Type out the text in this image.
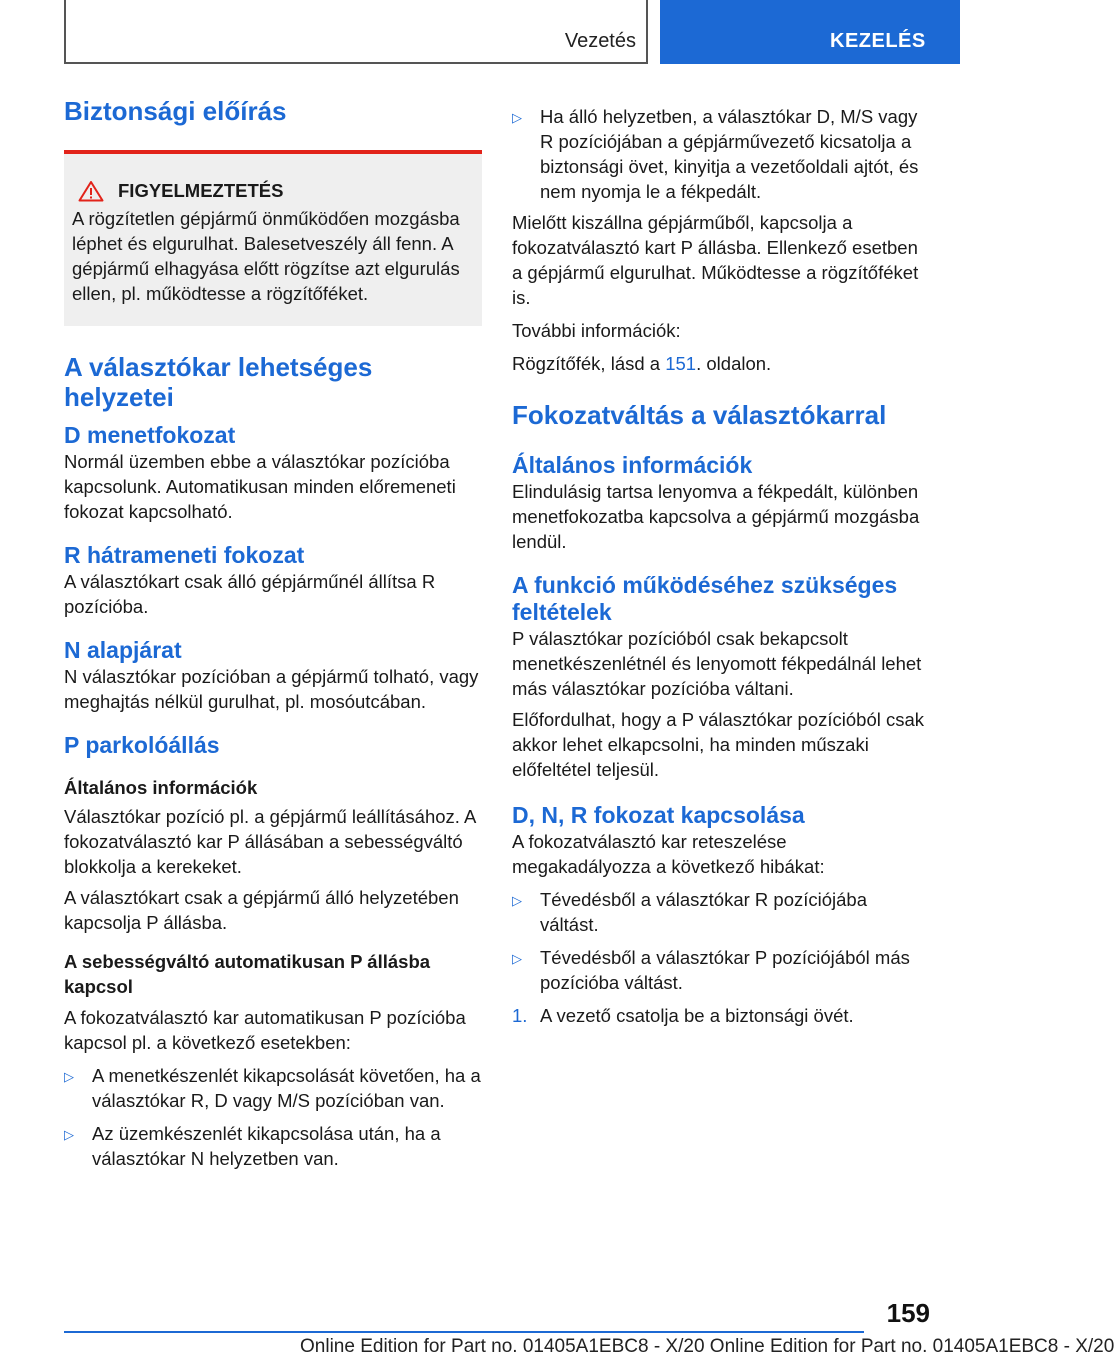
Vezetés	KEZELÉS
Biztonsági előírás
FIGYELMEZTETÉS

A rögzítetlen gépjármű önműködően mozgásba léphet és elgurulhat. Balesetveszély áll fenn. A gépjármű elhagyása előtt rögzítse azt elgurulás ellen, pl. működtesse a rögzítőféket.

A választókar lehetséges helyzetei
D menetfokozat

Normál üzemben ebbe a választókar pozícióba kapcsolunk. Automatikusan minden előremeneti fokozat kapcsolható.

R hátrameneti fokozat

A választókart csak álló gépjárműnél állítsa R pozícióba.

N alapjárat

N választókar pozícióban a gépjármű tolható, vagy meghajtás nélkül gurulhat, pl. mosóutcában.

P parkolóállás
Általános információk

Választókar pozíció pl. a gépjármű leállításához. A fokozatválasztó kar P állásában a sebességváltó blokkolja a kerekeket.

A választókart csak a gépjármű álló helyzetében kapcsolja P állásba.

A sebességváltó automatikusan P állásba kapcsol

A fokozatválasztó kar automatikusan P pozícióba kapcsol pl. a következő esetekben:

▷ A menetkészenlét kikapcsolását követően, ha a választókar R, D vagy M/S pozícióban van.
▷ Az üzemkészenlét kikapcsolása után, ha a választókar N helyzetben van.
▷ Ha álló helyzetben, a választókar D, M/S vagy R pozíciójában a gépjárművezető kicsatolja a biztonsági övet, kinyitja a vezetőoldali ajtót, és nem nyomja le a fékpedált.

Mielőtt kiszállna gépjárműből, kapcsolja a fokozatválasztó kart P állásba. Ellenkező esetben a gépjármű elgurulhat. Működtesse a rögzítőféket is.

További információk:

Rögzítőfék, lásd a 151. oldalon.

Fokozatváltás a választókarral
Általános információk

Elindulásig tartsa lenyomva a fékpedált, különben menetfokozatba kapcsolva a gépjármű mozgásba lendül.

A funkció működéséhez szükséges feltételek

P választókar pozícióból csak bekapcsolt menetkészenlétnél és lenyomott fékpedálnál lehet más választókar pozícióba váltani.

Előfordulhat, hogy a P választókar pozícióból csak akkor lehet elkapcsolni, ha minden műszaki előfeltétel teljesül.

D, N, R fokozat kapcsolása

A fokozatválasztó kar reteszelése megakadályozza a következő hibákat:

▷ Tévedésből a választókar R pozíciójába váltást.
▷ Tévedésből a választókar P pozíciójából más pozícióba váltást.
1. A vezető csatolja be a biztonsági övét.
159
Online Edition for Part no. 01405A1EBC8 - X/20 Online Edition for Part no. 01405A1EBC8 - X/20
